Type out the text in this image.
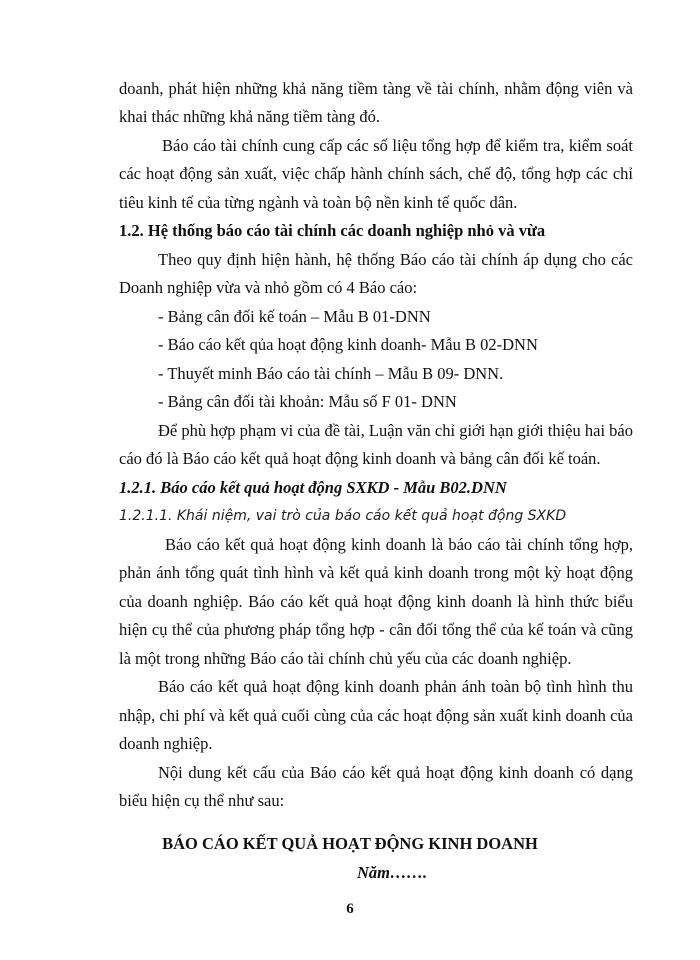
doanh, phát hiện những khả năng tiềm tàng về tài chính, nhằm động viên và
khai thác những khả năng tiềm tàng đó.
Báo cáo tài chính cung cấp các số liệu tổng hợp để kiểm tra, kiểm soát
các hoạt động sản xuất, việc chấp hành chính sách, chế độ, tổng hợp các chỉ
tiêu kinh tế của từng ngành và toàn bộ nền kinh tế quốc dân.
1.2. Hệ thống báo cáo tài chính các doanh nghiệp nhỏ và vừa
Theo quy định hiện hành, hệ thống Báo cáo tài chính áp dụng cho các
Doanh nghiệp vừa và nhỏ gồm có 4 Báo cáo:
- Bảng cân đối kế toán – Mẫu B 01-DNN
- Báo cáo kết qủa hoạt động kinh doanh- Mẫu B 02-DNN
- Thuyết minh Báo cáo tài chính – Mẫu B 09- DNN.
- Bảng cân đối tài khoản: Mẫu số F 01- DNN
Để phù hợp phạm vi của đề tài, Luận văn chỉ giới hạn giới thiệu hai báo
cáo đó là Báo cáo kết quả hoạt động kinh doanh và bảng cân đối kế toán.
1.2.1. Báo cáo kết quả hoạt động SXKD - Mẫu B02.DNN
1.2.1.1. Khái niệm, vai trò của báo cáo kết quả hoạt động SXKD
Báo cáo kết quả hoạt động kinh doanh là báo cáo tài chính tổng hợp,
phản ánh tổng quát tình hình và kết quả kinh doanh trong một kỳ hoạt động
của doanh nghiệp. Báo cáo kết quả hoạt động kinh doanh là hình thức biểu
hiện cụ thể của phương pháp tổng hợp - cân đối tổng thể của kế toán và cũng
là một trong những Báo cáo tài chính chủ yếu của các doanh nghiệp.
Báo cáo kết quả hoạt động kinh doanh phản ánh toàn bộ tình hình thu
nhập, chi phí và kết quả cuối cùng của các hoạt động sản xuất kinh doanh của
doanh nghiệp.
Nội dung kết cấu của Báo cáo kết quả hoạt động kinh doanh có dạng
biểu hiện cụ thể như sau:
BÁO CÁO KẾT QUẢ HOẠT ĐỘNG KINH DOANH
Năm…….
6
